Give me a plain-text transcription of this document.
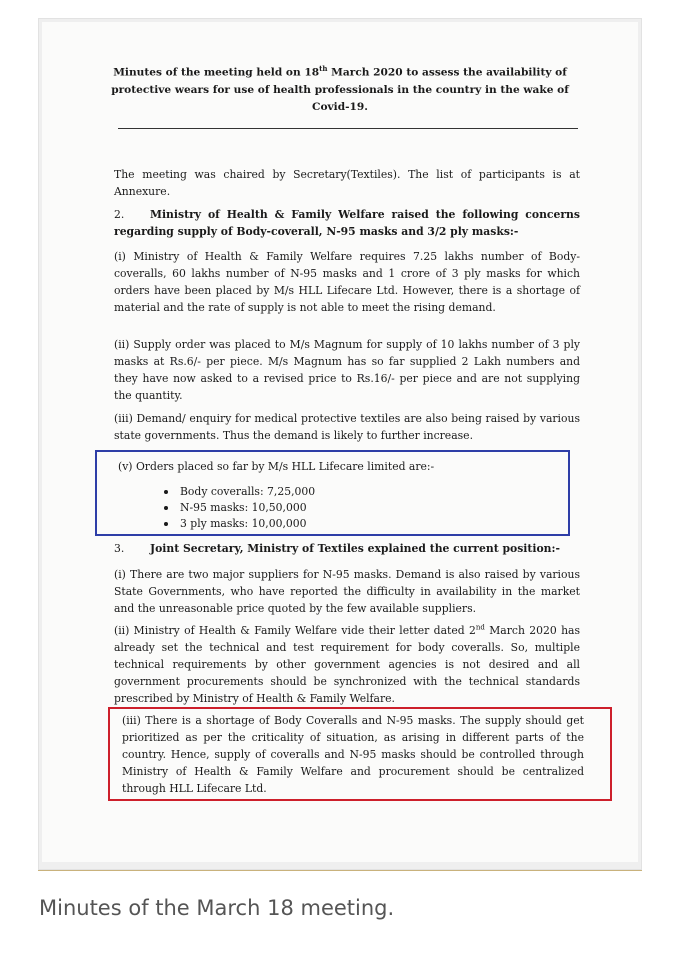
Minutes of the meeting held on 18th March 2020 to assess the availability of protective wears for use of health professionals in the country in the wake of Covid-19.

The meeting was chaired by Secretary(Textiles). The list of participants is at Annexure.

2. Ministry of Health & Family Welfare raised the following concerns regarding supply of Body-coverall, N-95 masks and 3/2 ply masks:-

(i) Ministry of Health & Family Welfare requires 7.25 lakhs number of Body-coveralls, 60 lakhs number of N-95 masks and 1 crore of 3 ply masks for which orders have been placed by M/s HLL Lifecare Ltd. However, there is a shortage of material and the rate of supply is not able to meet the rising demand.

(ii) Supply order was placed to M/s Magnum for supply of 10 lakhs number of 3 ply masks at Rs.6/- per piece. M/s Magnum has so far supplied 2 Lakh numbers and they have now asked to a revised price to Rs.16/- per piece and are not supplying the quantity.

(iii) Demand/ enquiry for medical protective textiles are also being raised by various state governments. Thus the demand is likely to further increase.

(v) Orders placed so far by M/s HLL Lifecare limited are:-

Body coveralls: 7,25,000
N-95 masks: 10,50,000
3 ply masks: 10,00,000

3. Joint Secretary, Ministry of Textiles explained the current position:-

(i) There are two major suppliers for N-95 masks. Demand is also raised by various State Governments, who have reported the difficulty in availability in the market and the unreasonable price quoted by the few available suppliers.

(ii) Ministry of Health & Family Welfare vide their letter dated 2nd March 2020 has already set the technical and test requirement for body coveralls. So, multiple technical requirements by other government agencies is not desired and all government procurements should be synchronized with the technical standards prescribed by Ministry of Health & Family Welfare.

(iii) There is a shortage of Body Coveralls and N-95 masks. The supply should get prioritized as per the criticality of situation, as arising in different parts of the country. Hence, supply of coveralls and N-95 masks should be controlled through Ministry of Health & Family Welfare and procurement should be centralized through HLL Lifecare Ltd.

Minutes of the March 18 meeting.
